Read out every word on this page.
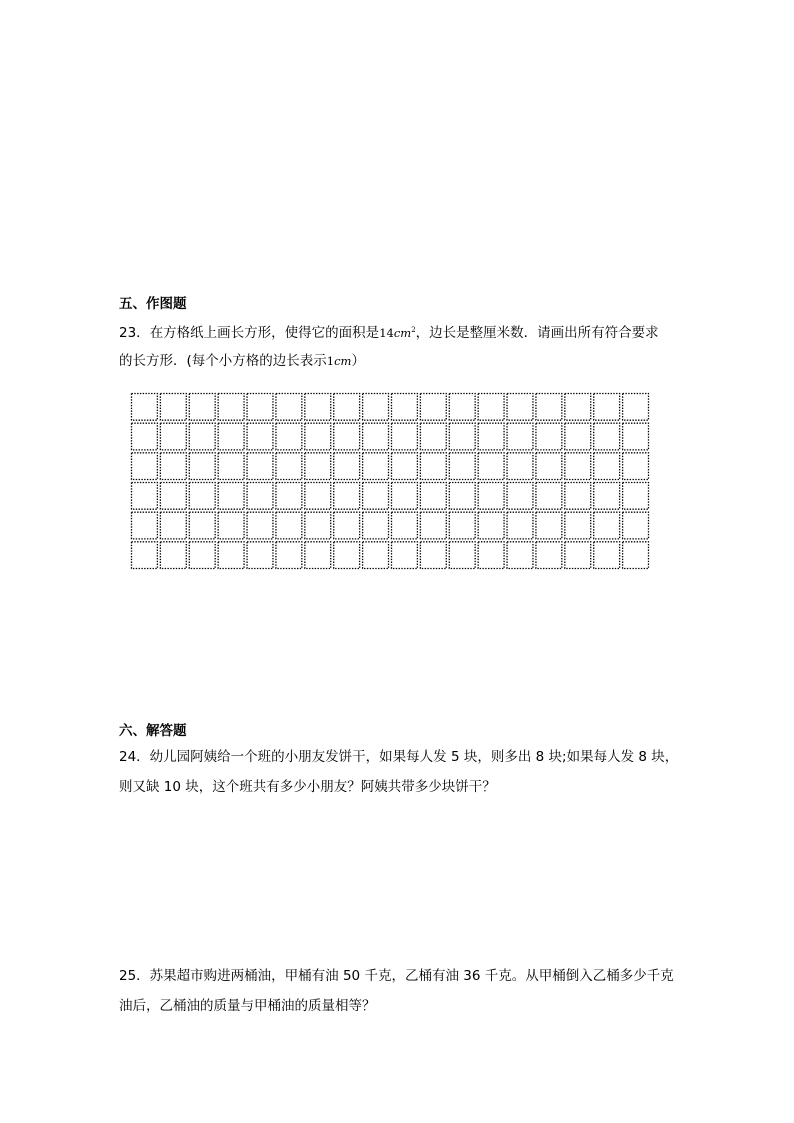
五、作图题
23．在方格纸上画长方形，使得它的面积是$14cm^2$，边长是整厘米数．请画出所有符合要求
的长方形．(每个小方格的边长表示1cm）
六、解答题
24．幼儿园阿姨给一个班的小朋友发饼干，如果每人发 5 块，则多出 8 块;如果每人发 8 块，
则又缺 10 块，这个班共有多少小朋友？阿姨共带多少块饼干？
25．苏果超市购进两桶油，甲桶有油 50 千克，乙桶有油 36 千克。从甲桶倒入乙桶多少千克
油后，乙桶油的质量与甲桶油的质量相等？
